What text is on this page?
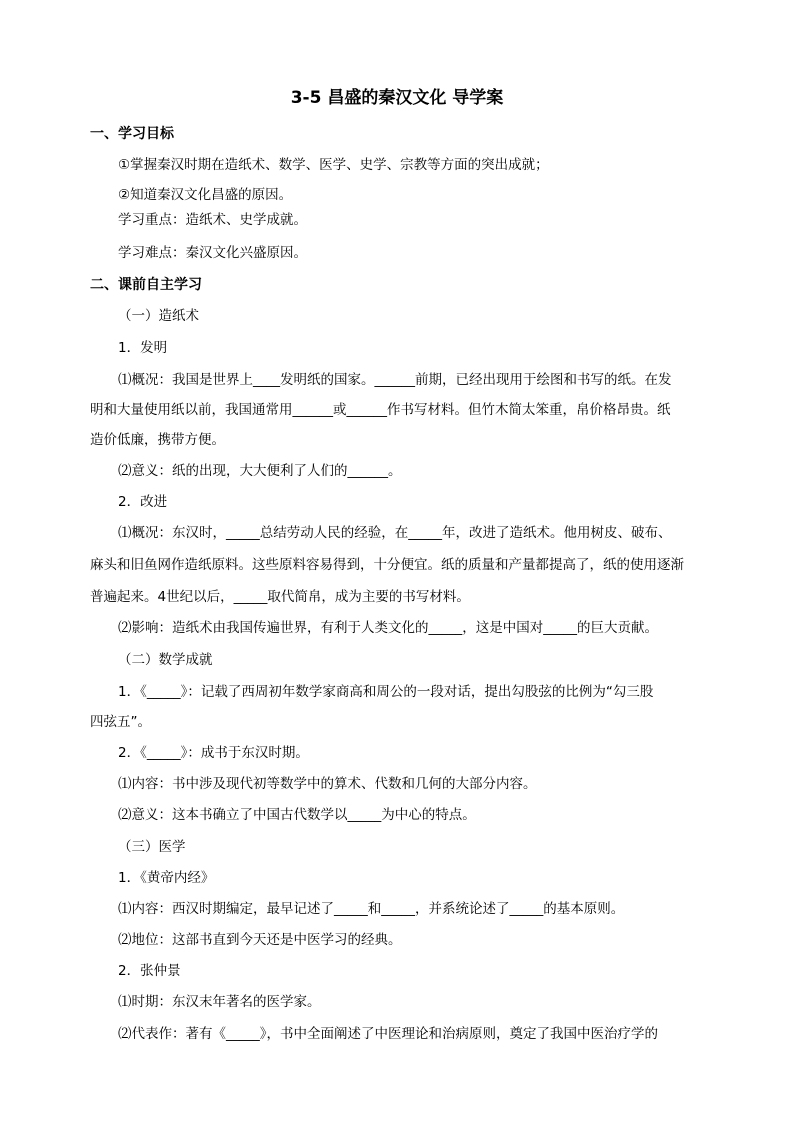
3-5 昌盛的秦汉文化 导学案
一、学习目标
①掌握秦汉时期在造纸术、数学、医学、史学、宗教等方面的突出成就；
②知道秦汉文化昌盛的原因。
学习重点：造纸术、史学成就。
学习难点：秦汉文化兴盛原因。
二、课前自主学习
（一）造纸术
1．发明
⑴概况：我国是世界上____发明纸的国家。______前期，已经出现用于绘图和书写的纸。在发
明和大量使用纸以前，我国通常用______或______作书写材料。但竹木简太笨重，帛价格昂贵。纸
造价低廉，携带方便。
⑵意义：纸的出现，大大便利了人们的______。
2．改进
⑴概况：东汉时，_____总结劳动人民的经验，在_____年，改进了造纸术。他用树皮、破布、
麻头和旧鱼网作造纸原料。这些原料容易得到，十分便宜。纸的质量和产量都提高了，纸的使用逐渐
普遍起来。4世纪以后，_____取代简帛，成为主要的书写材料。
⑵影响：造纸术由我国传遍世界，有利于人类文化的_____，这是中国对_____的巨大贡献。
（二）数学成就
1．《_____》：记载了西周初年数学家商高和周公的一段对话，提出勾股弦的比例为“勾三股
四弦五”。
2．《_____》：成书于东汉时期。
⑴内容：书中涉及现代初等数学中的算术、代数和几何的大部分内容。
⑵意义：这本书确立了中国古代数学以_____为中心的特点。
（三）医学
1．《黄帝内经》
⑴内容：西汉时期编定，最早记述了_____和_____，并系统论述了_____的基本原则。
⑵地位：这部书直到今天还是中医学习的经典。
2．张仲景
⑴时期：东汉末年著名的医学家。
⑵代表作：著有《_____》，书中全面阐述了中医理论和治病原则，奠定了我国中医治疗学的
